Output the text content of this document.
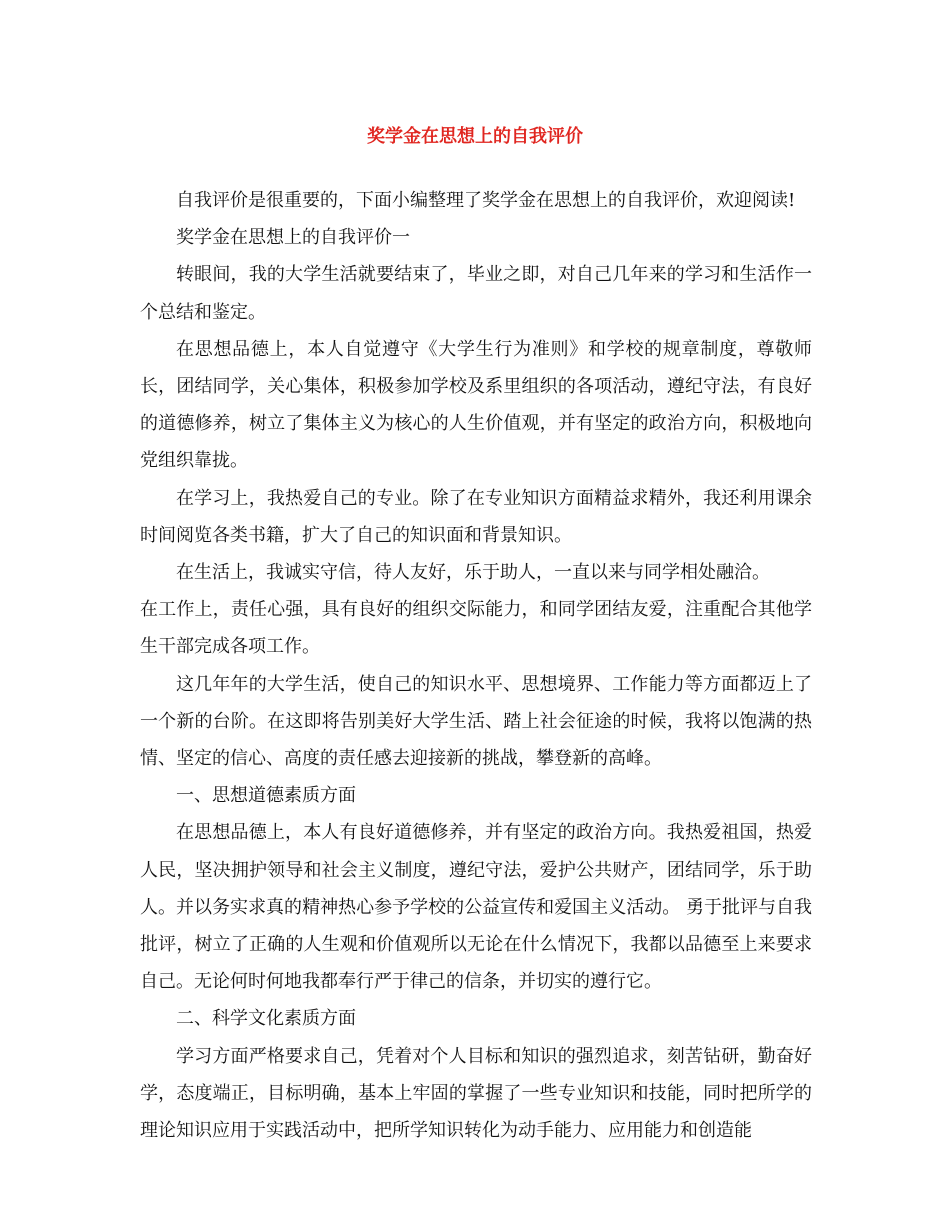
奖学金在思想上的自我评价

自我评价是很重要的，下面小编整理了奖学金在思想上的自我评价，欢迎阅读!

奖学金在思想上的自我评价一

转眼间，我的大学生活就要结束了，毕业之即，对自己几年来的学习和生活作一个总结和鉴定。

在思想品德上，本人自觉遵守《大学生行为准则》和学校的规章制度，尊敬师长，团结同学，关心集体，积极参加学校及系里组织的各项活动，遵纪守法，有良好的道德修养，树立了集体主义为核心的人生价值观，并有坚定的政治方向，积极地向党组织靠拢。

在学习上，我热爱自己的专业。除了在专业知识方面精益求精外，我还利用课余时间阅览各类书籍，扩大了自己的知识面和背景知识。

在生活上，我诚实守信，待人友好，乐于助人，一直以来与同学相处融洽。

在工作上，责任心强，具有良好的组织交际能力，和同学团结友爱，注重配合其他学生干部完成各项工作。

这几年年的大学生活，使自己的知识水平、思想境界、工作能力等方面都迈上了一个新的台阶。在这即将告别美好大学生活、踏上社会征途的时候，我将以饱满的热情、坚定的信心、高度的责任感去迎接新的挑战，攀登新的高峰。

一、思想道德素质方面

在思想品德上，本人有良好道德修养，并有坚定的政治方向。我热爱祖国，热爱人民，坚决拥护领导和社会主义制度，遵纪守法，爱护公共财产，团结同学，乐于助人。并以务实求真的精神热心参予学校的公益宣传和爱国主义活动。 勇于批评与自我批评，树立了正确的人生观和价值观所以无论在什么情况下，我都以品德至上来要求自己。无论何时何地我都奉行严于律己的信条，并切实的遵行它。

二、科学文化素质方面

学习方面严格要求自己，凭着对个人目标和知识的强烈追求，刻苦钻研，勤奋好学，态度端正，目标明确，基本上牢固的掌握了一些专业知识和技能，同时把所学的理论知识应用于实践活动中，把所学知识转化为动手能力、应用能力和创造能
